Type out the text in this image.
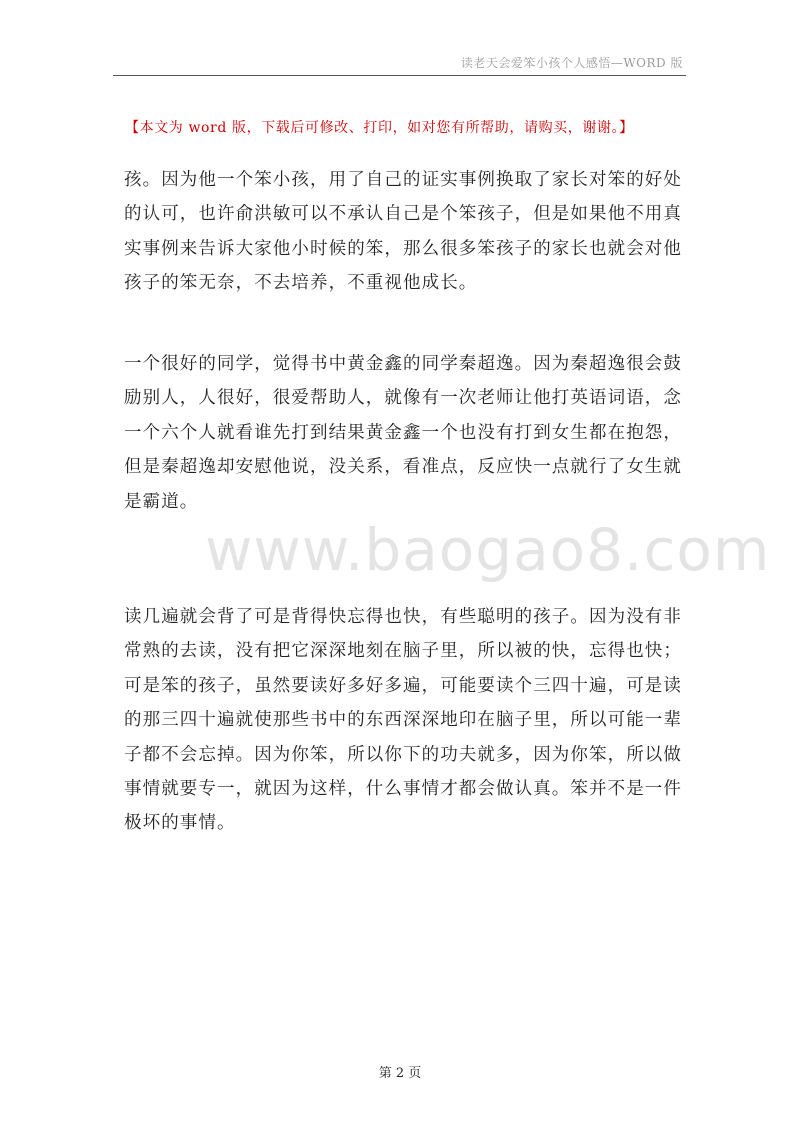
读老天会爱笨小孩个人感悟—WORD 版
【本文为 word 版，下载后可修改、打印，如对您有所帮助，请购买，谢谢。】
孩。因为他一个笨小孩，用了自己的证实事例换取了家长对笨的好处
的认可，也许俞洪敏可以不承认自己是个笨孩子，但是如果他不用真
实事例来告诉大家他小时候的笨，那么很多笨孩子的家长也就会对他
孩子的笨无奈，不去培养，不重视他成长。
一个很好的同学，觉得书中黄金鑫的同学秦超逸。因为秦超逸很会鼓
励别人，人很好，很爱帮助人，就像有一次老师让他打英语词语，念
一个六个人就看谁先打到结果黄金鑫一个也没有打到女生都在抱怨，
但是秦超逸却安慰他说，没关系，看准点，反应快一点就行了女生就
是霸道。
www.baogao8.com
读几遍就会背了可是背得快忘得也快，有些聪明的孩子。因为没有非
常熟的去读，没有把它深深地刻在脑子里，所以被的快，忘得也快；
可是笨的孩子，虽然要读好多好多遍，可能要读个三四十遍，可是读
的那三四十遍就使那些书中的东西深深地印在脑子里，所以可能一辈
子都不会忘掉。因为你笨，所以你下的功夫就多，因为你笨，所以做
事情就要专一，就因为这样，什么事情才都会做认真。笨并不是一件
极坏的事情。
第 2 页
